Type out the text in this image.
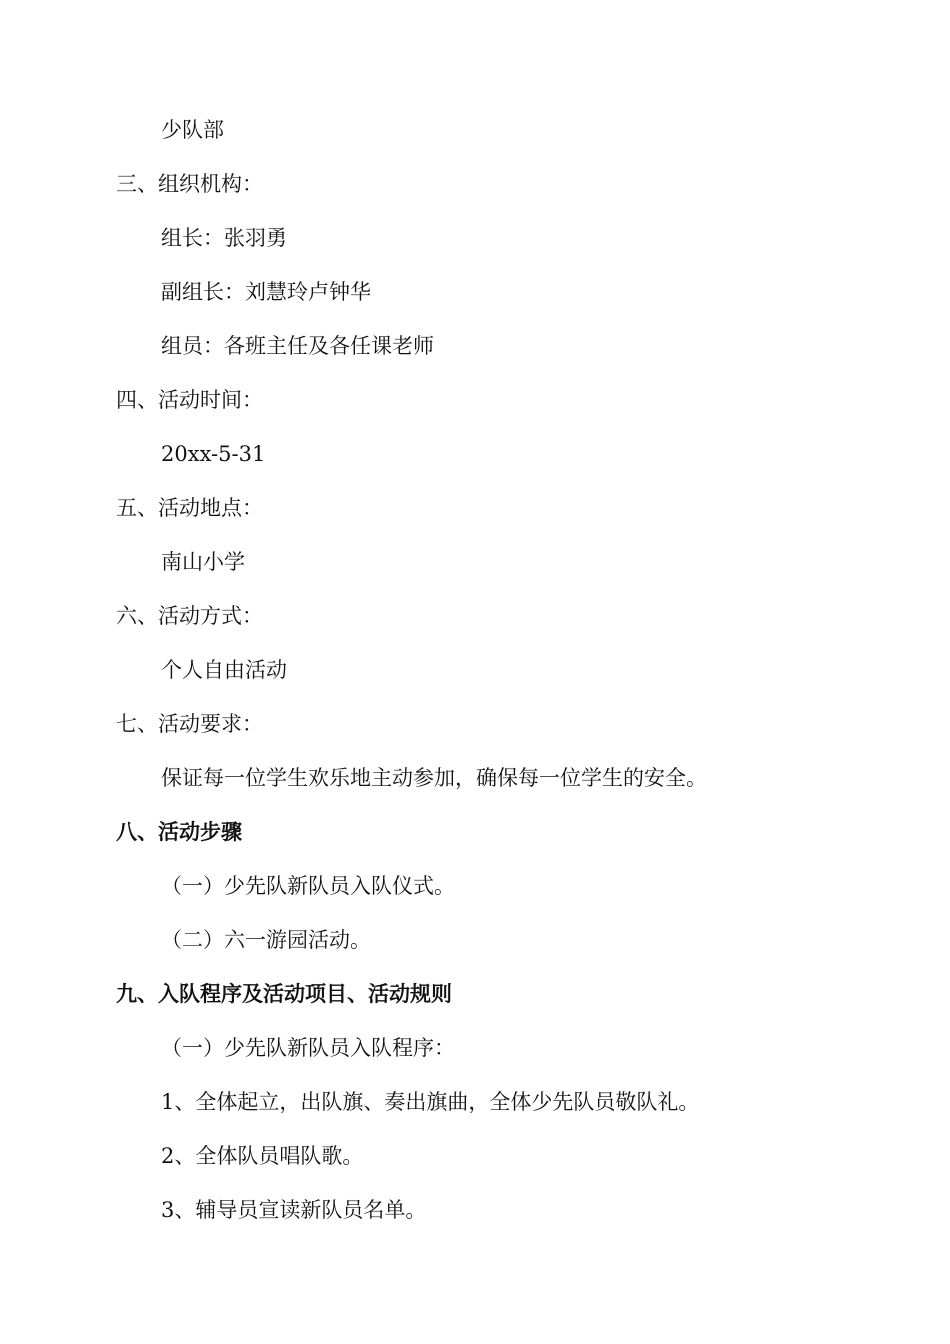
少队部
三、组织机构：
组长：张羽勇
副组长：刘慧玲卢钟华
组员：各班主任及各任课老师
四、活动时间：
20xx-5-31
五、活动地点：
南山小学
六、活动方式：
个人自由活动
七、活动要求：
保证每一位学生欢乐地主动参加，确保每一位学生的安全。
八、活动步骤
（一）少先队新队员入队仪式。
（二）六一游园活动。
九、入队程序及活动项目、活动规则
（一）少先队新队员入队程序：
1、全体起立，出队旗、奏出旗曲，全体少先队员敬队礼。
2、全体队员唱队歌。
3、辅导员宣读新队员名单。
